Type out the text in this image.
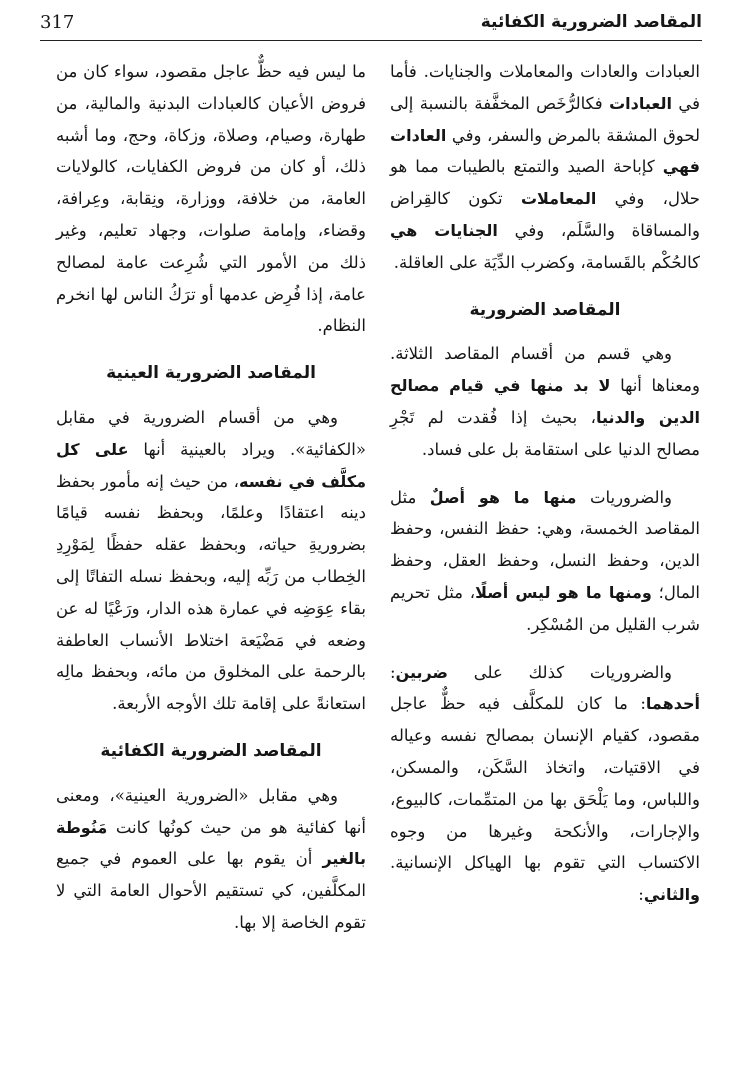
المقاصد الضرورية الكفائية
317

العبادات والعادات والمعاملات والجنايات. فأما في العبادات فكالرُّخَص المخفَّفة بالنسبة إلى لحوق المشقة بالمرض والسفر، وفي العادات فهي كإباحة الصيد والتمتع بالطيبات مما هو حلال، وفي المعاملات تكون كالقِراض والمساقاة والسَّلَم، وفي الجنايات هي كالحُكْم بالقَسامة، وكضرب الدِّيَة على العاقلة.

المقاصد الضرورية

وهي قسم من أقسام المقاصد الثلاثة. ومعناها أنها لا بد منها في قيام مصالح الدين والدنيا، بحيث إذا فُقدت لم تَجْرِ مصالح الدنيا على استقامة بل على فساد.

والضروريات منها ما هو أصلٌ مثل المقاصد الخمسة، وهي: حفظ النفس، وحفظ الدين، وحفظ النسل، وحفظ العقل، وحفظ المال؛ ومنها ما هو ليس أصلًا، مثل تحريم شرب القليل من المُسْكِر.

والضروريات كذلك على ضربين: أحدهما: ما كان للمكلَّف فيه حظٌّ عاجل مقصود، كقيام الإنسان بمصالح نفسه وعياله في الاقتيات، واتخاذ السَّكَن، والمسكن، واللباس، وما يَلْحَق بها من المتمِّمات، كالبيوع، والإجارات، والأنكحة وغيرها من وجوه الاكتساب التي تقوم بها الهياكل الإنسانية. والثاني:

ما ليس فيه حظٌّ عاجل مقصود، سواء كان من فروض الأعيان كالعبادات البدنية والمالية، من طهارة، وصيام، وصلاة، وزكاة، وحج، وما أشبه ذلك، أو كان من فروض الكفايات، كالولايات العامة، من خلافة، ووزارة، ونِقابة، وعِرافة، وقضاء، وإمامة صلوات، وجهاد تعليم، وغير ذلك من الأمور التي شُرِعت عامة لمصالح عامة، إذا فُرِض عدمها أو ترَكُ الناس لها انخرم النظام.

المقاصد الضرورية العينية

وهي من أقسام الضرورية في مقابل «الكفائية». ويراد بالعينية أنها على كل مكلَّف في نفسه، من حيث إنه مأمور بحفظ دينه اعتقادًا وعلمًا، وبحفظ نفسه قيامًا بضروريةِ حياته، وبحفظ عقله حفظًا لِمَوْرِدِ الخِطاب من رَبِّه إليه، وبحفظ نسله التفاتًا إلى بقاء عِوَضِه في عمارة هذه الدار، ورَعْيًا له عن وضعه في مَضْيَعة اختلاط الأنساب العاطفة بالرحمة على المخلوق من مائه، وبحفظ مالِه استعانةً على إقامة تلك الأوجه الأربعة.

المقاصد الضرورية الكفائية

وهي مقابل «الضرورية العينية»، ومعنى أنها كفائية هو من حيث كونُها كانت مَنُوطة بالغير أن يقوم بها على العموم في جميع المكلَّفين، كي تستقيم الأحوال العامة التي لا تقوم الخاصة إلا بها.
